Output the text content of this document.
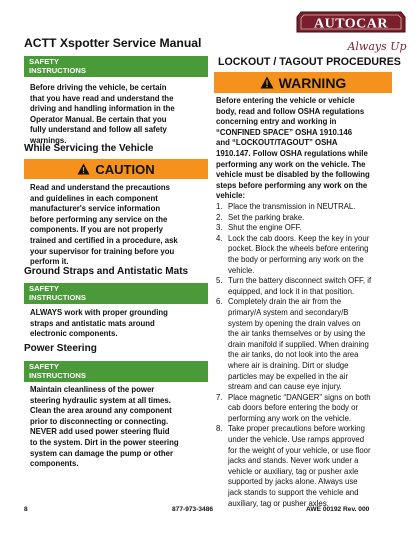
ACTT Xspotter Service Manual
AUTOCAR
Always Up
SAFETY
INSTRUCTIONS
Before driving the vehicle, be certain
that you have read and understand the
driving and handling information in the
Operator Manual. Be certain that you
fully understand and follow all safety
warnings.
While Servicing the Vehicle
CAUTION
Read and understand the precautions
and guidelines in each component
manufacturer's service information
before performing any service on the
components. If you are not properly
trained and certified in a procedure, ask
your supervisor for training before you
perform it.
Ground Straps and Antistatic Mats
SAFETY
INSTRUCTIONS
ALWAYS work with proper grounding
straps and antistatic mats around
electronic components.
Power Steering
SAFETY
INSTRUCTIONS
Maintain cleanliness of the power
steering hydraulic system at all times.
Clean the area around any component
prior to disconnecting or connecting.
NEVER add used power steering fluid
to the system. Dirt in the power steering
system can damage the pump or other
components.
LOCKOUT / TAGOUT PROCEDURES
WARNING
Before entering the vehicle or vehicle
body, read and follow OSHA regulations
concerning entry and working in
“CONFINED SPACE” OSHA 1910.146
and “LOCKOUT/TAGOUT” OSHA
1910.147. Follow OSHA regulations while
performing any work on the vehicle. The
vehicle must be disabled by the following
steps before performing any work on the
vehicle:
1. Place the transmission in NEUTRAL.
2. Set the parking brake.
3. Shut the engine OFF.
4. Lock the cab doors. Keep the key in your
pocket. Block the wheels before entering
the body or performing any work on the
vehicle.
5. Turn the battery disconnect switch OFF, if
equipped, and lock it in that position.
6. Completely drain the air from the
primary/A system and secondary/B
system by opening the drain valves on
the air tanks themselves or by using the
drain manifold if supplied. When draining
the air tanks, do not look into the area
where air is draining. Dirt or sludge
particles may be expelled in the air
stream and can cause eye injury.
7. Place magnetic “DANGER” signs on both
cab doors before entering the body or
performing any work on the vehicle.
8. Take proper precautions before working
under the vehicle. Use ramps approved
for the weight of your vehicle, or use floor
jacks and stands. Never work under a
vehicle or auxiliary, tag or pusher axle
supported by jacks alone. Always use
jack stands to support the vehicle and
auxiliary, tag or pusher axles.
8	877-973-3486	AWE 00192 Rev. 000
